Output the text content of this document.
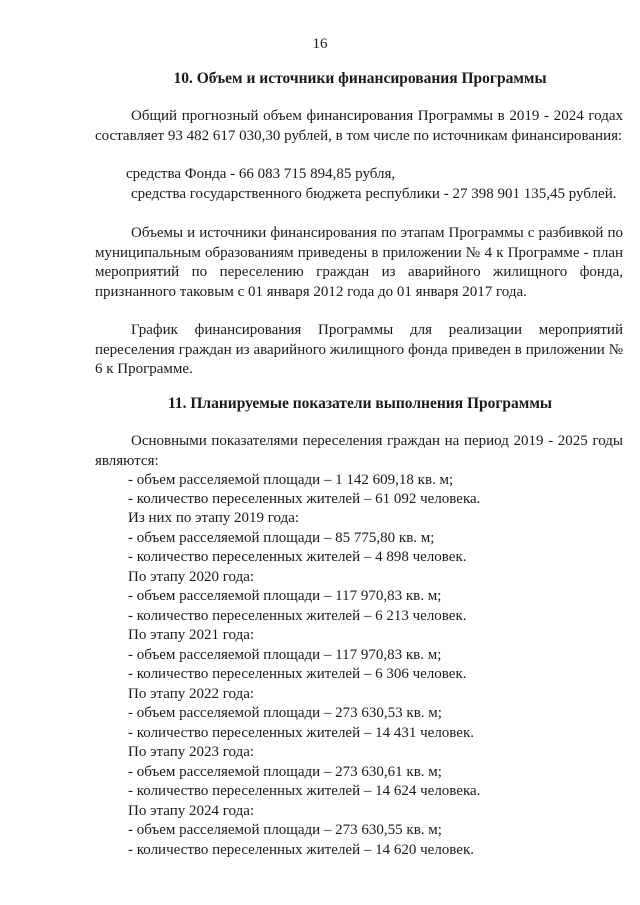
16
10. Объем и источники финансирования Программы

Общий прогнозный объем финансирования Программы в 2019 - 2024 годах составляет 93 482 617 030,30 рублей, в том числе по источникам финансирования:

средства Фонда - 66 083 715 894,85 рубля,

средства государственного бюджета республики - 27 398 901 135,45 рублей.

Объемы и источники финансирования по этапам Программы с разбивкой по муниципальным образованиям приведены в приложении № 4 к Программе - план мероприятий по переселению граждан из аварийного жилищного фонда, признанного таковым с 01 января 2012 года до 01 января 2017 года.

График финансирования Программы для реализации мероприятий переселения граждан из аварийного жилищного фонда приведен в приложении № 6 к Программе.

11. Планируемые показатели выполнения Программы

Основными показателями переселения граждан на период 2019 - 2025 годы являются:

- объем расселяемой площади – 1 142 609,18 кв. м;
- количество переселенных жителей – 61 092 человека.
Из них по этапу 2019 года:
- объем расселяемой площади – 85 775,80 кв. м;
- количество переселенных жителей – 4 898 человек.
По этапу 2020 года:
- объем расселяемой площади – 117 970,83 кв. м;
- количество переселенных жителей – 6 213 человек.
По этапу 2021 года:
- объем расселяемой площади – 117 970,83 кв. м;
- количество переселенных жителей – 6 306 человек.
По этапу 2022 года:
- объем расселяемой площади – 273 630,53 кв. м;
- количество переселенных жителей – 14 431 человек.
По этапу 2023 года:
- объем расселяемой площади – 273 630,61 кв. м;
- количество переселенных жителей – 14 624 человека.
По этапу 2024 года:
- объем расселяемой площади – 273 630,55 кв. м;
- количество переселенных жителей – 14 620 человек.
